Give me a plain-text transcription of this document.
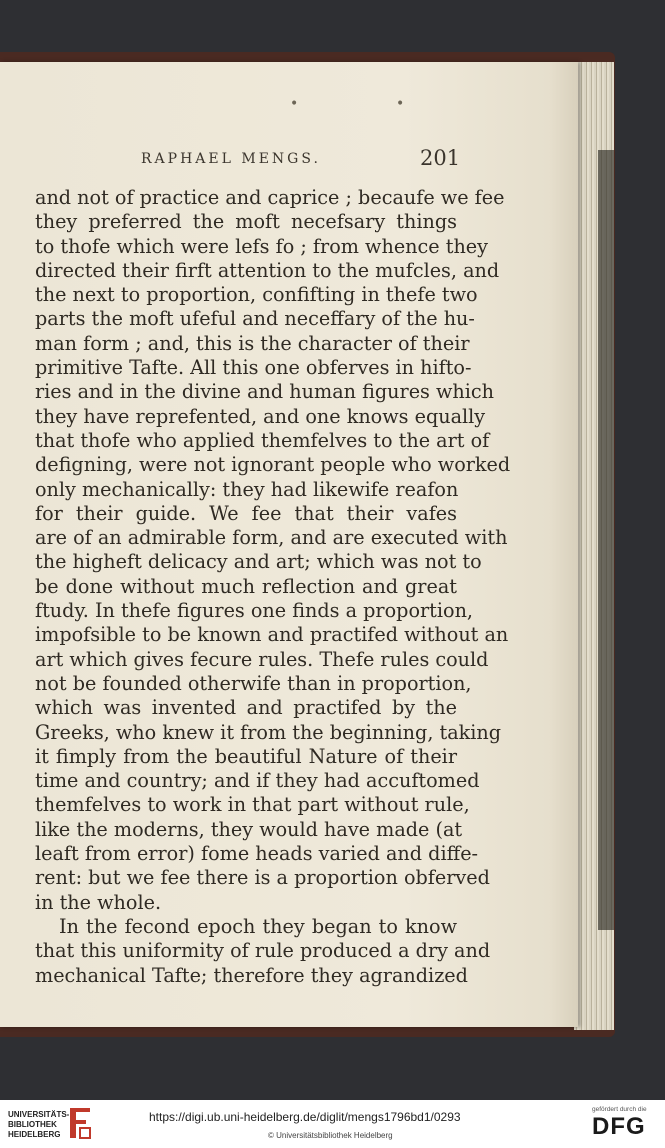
•	•
RAPHAEL MENGS.	201
and not of practice and caprice ; becaufe we fee
they preferred the moft necefsary things
to thofe which were lefs fo ; from whence they
directed their firft attention to the mufcles, and
the next to proportion, confifting in thefe two
parts the moft ufeful and neceffary of the hu-
man form ; and, this is the character of their
primitive Tafte. All this one obferves in hifto-
ries and in the divine and human figures which
they have reprefented, and one knows equally
that thofe who applied themfelves to the art of
defigning, were not ignorant people who worked
only mechanically: they had likewife reafon
for their guide. We fee that their vafes
are of an admirable form, and are executed with
the higheft delicacy and art; which was not to
be done without much reflection and great
ftudy. In thefe figures one finds a proportion,
impofsible to be known and practifed without an
art which gives fecure rules. Thefe rules could
not be founded otherwife than in proportion,
which was invented and practifed by the
Greeks, who knew it from the beginning, taking
it fimply from the beautiful Nature of their
time and country; and if they had accuftomed
themfelves to work in that part without rule,
like the moderns, they would have made (at
leaft from error) fome heads varied and diffe-
rent: but we fee there is a proportion obferved
in the whole.
In the fecond epoch they began to know
that this uniformity of rule produced a dry and
mechanical Tafte; therefore they agrandized
UNIVERSITÄTS-
BIBLIOTHEK
HEIDELBERG
https://digi.ub.uni-heidelberg.de/diglit/mengs1796bd1/0293
© Universitätsbibliothek Heidelberg
gefördert durch die
DFG
